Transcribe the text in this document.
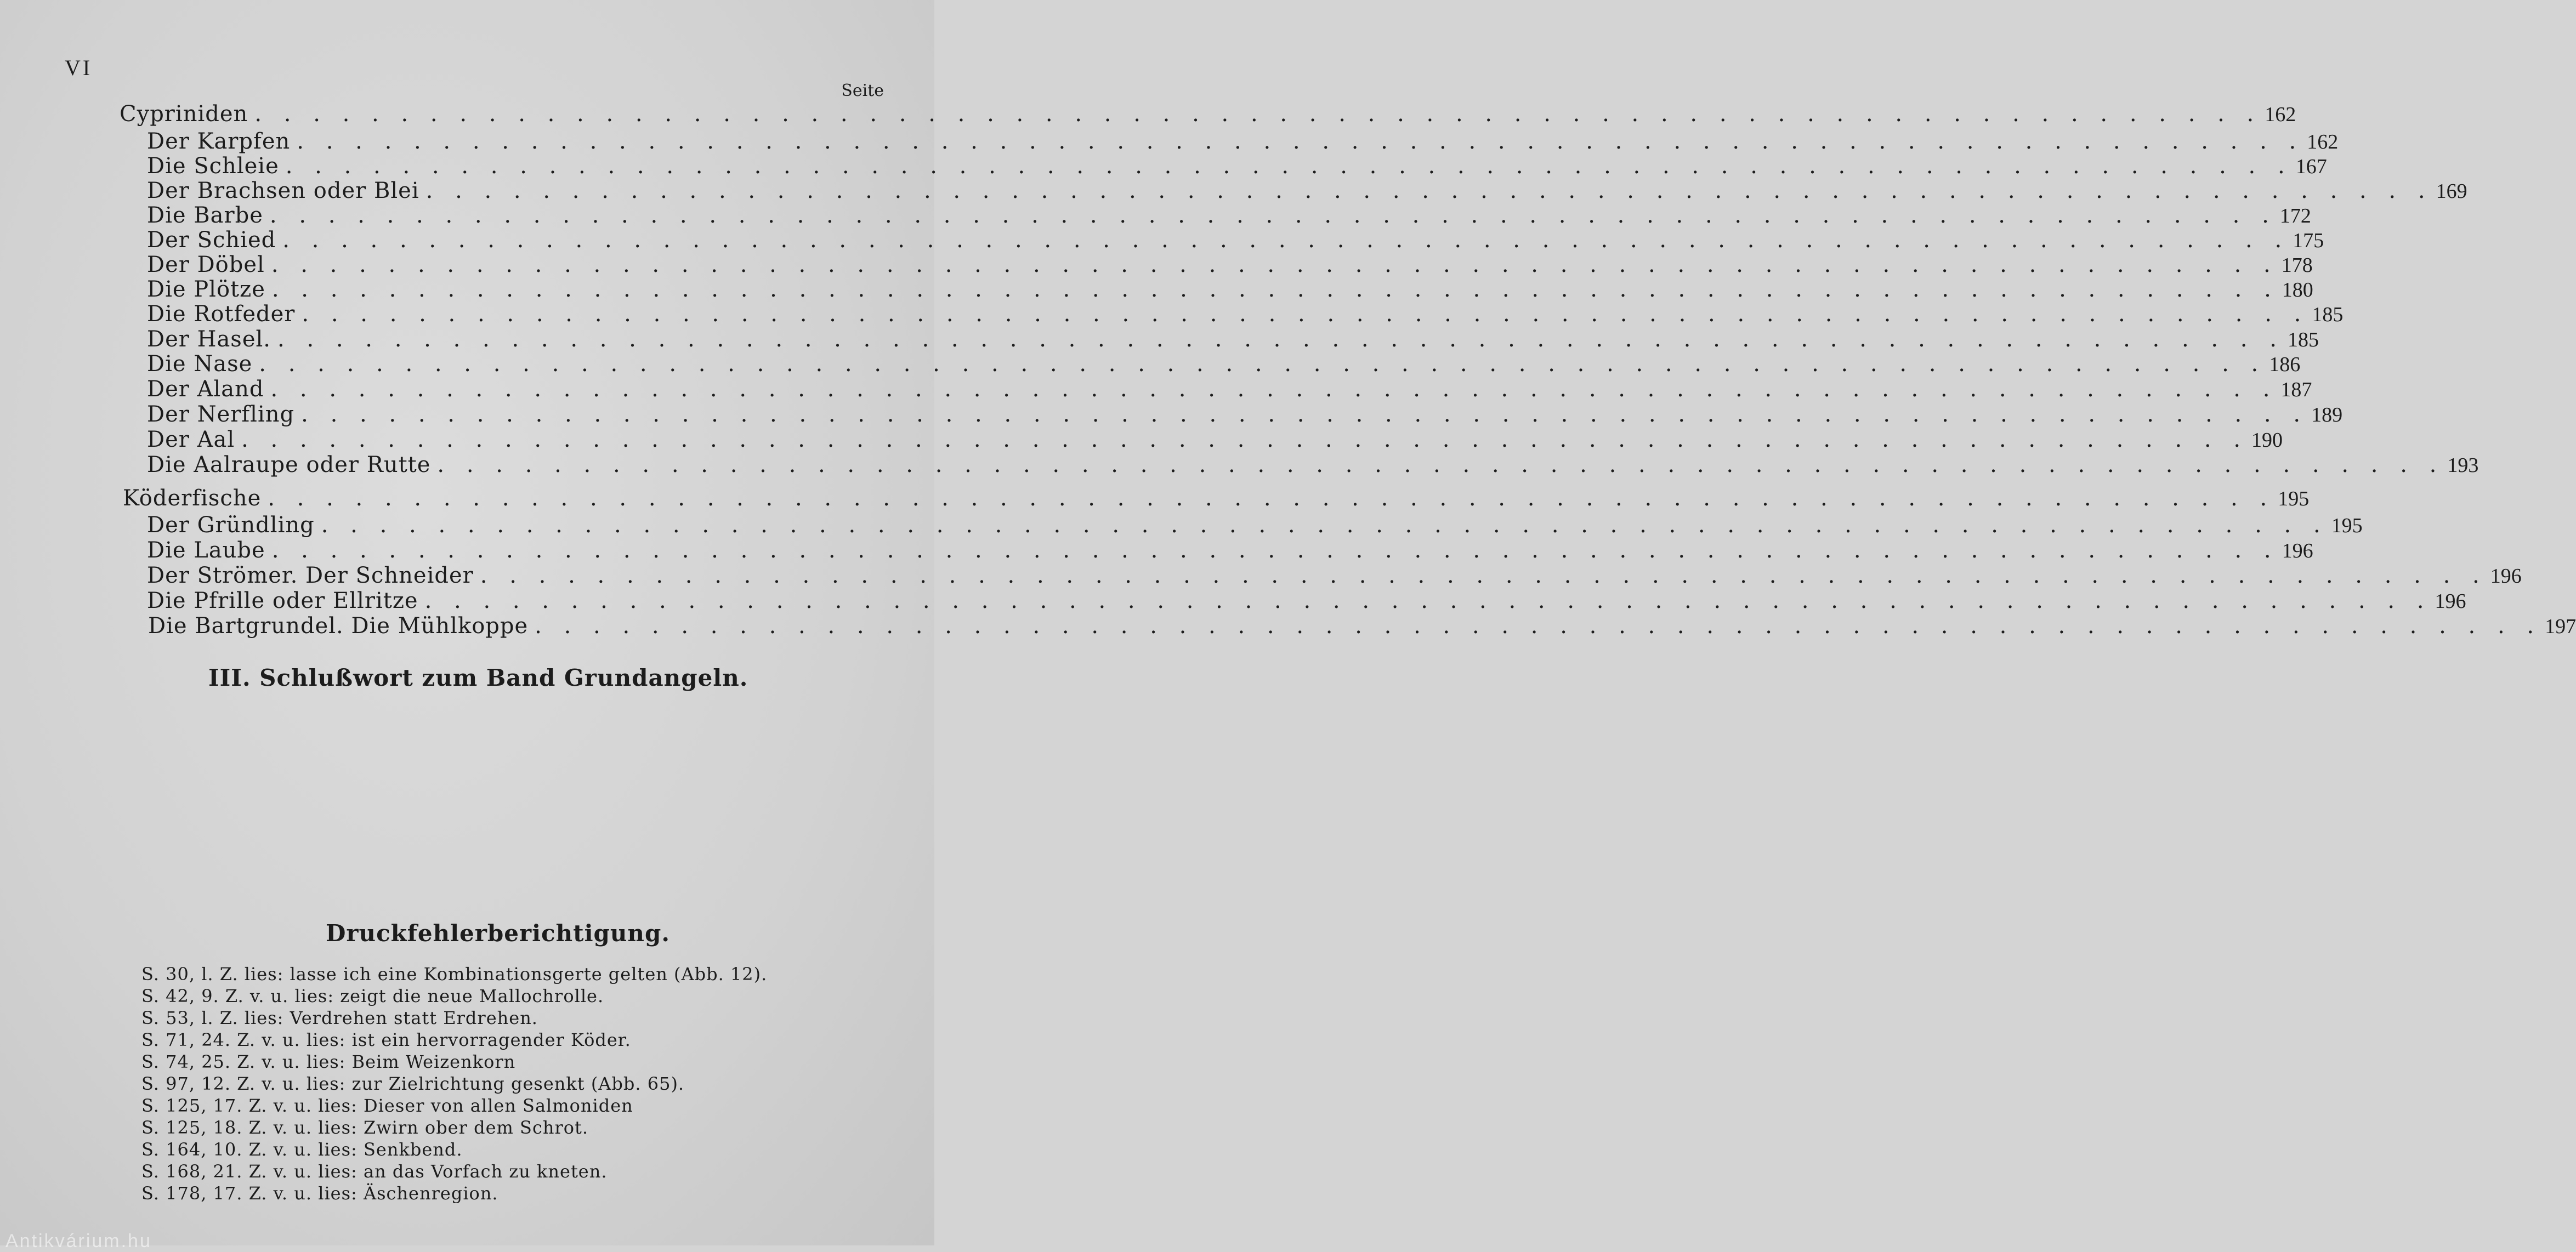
VI
Seite
Cypriniden . . . . . . . . . . . . . . . . . . . . . . . . . . . . . . . . . . . . . . . . . . . . . . . . . . . . . . . . . . . . . . . . . . . . . 162
Der Karpfen . . . . . . . . . . . . . . . . . . . . . . . . . . . . . . . . . . . . . . . . . . . . . . . . . . . . . . . . . . . . . . . . . . . . . 162
Die Schleie . . . . . . . . . . . . . . . . . . . . . . . . . . . . . . . . . . . . . . . . . . . . . . . . . . . . . . . . . . . . . . . . . . . . . 167
Der Brachsen oder Blei . . . . . . . . . . . . . . . . . . . . . . . . . . . . . . . . . . . . . . . . . . . . . . . . . . . . . . . . . . . . . . . . . . . . . 169
Die Barbe . . . . . . . . . . . . . . . . . . . . . . . . . . . . . . . . . . . . . . . . . . . . . . . . . . . . . . . . . . . . . . . . . . . . . 172
Der Schied . . . . . . . . . . . . . . . . . . . . . . . . . . . . . . . . . . . . . . . . . . . . . . . . . . . . . . . . . . . . . . . . . . . . . 175
Der Döbel . . . . . . . . . . . . . . . . . . . . . . . . . . . . . . . . . . . . . . . . . . . . . . . . . . . . . . . . . . . . . . . . . . . . . 178
Die Plötze . . . . . . . . . . . . . . . . . . . . . . . . . . . . . . . . . . . . . . . . . . . . . . . . . . . . . . . . . . . . . . . . . . . . . 180
Die Rotfeder . . . . . . . . . . . . . . . . . . . . . . . . . . . . . . . . . . . . . . . . . . . . . . . . . . . . . . . . . . . . . . . . . . . . . 185
Der Hasel. . . . . . . . . . . . . . . . . . . . . . . . . . . . . . . . . . . . . . . . . . . . . . . . . . . . . . . . . . . . . . . . . . . . . . 185
Die Nase . . . . . . . . . . . . . . . . . . . . . . . . . . . . . . . . . . . . . . . . . . . . . . . . . . . . . . . . . . . . . . . . . . . . . 186
Der Aland . . . . . . . . . . . . . . . . . . . . . . . . . . . . . . . . . . . . . . . . . . . . . . . . . . . . . . . . . . . . . . . . . . . . . 187
Der Nerfling . . . . . . . . . . . . . . . . . . . . . . . . . . . . . . . . . . . . . . . . . . . . . . . . . . . . . . . . . . . . . . . . . . . . . 189
Der Aal . . . . . . . . . . . . . . . . . . . . . . . . . . . . . . . . . . . . . . . . . . . . . . . . . . . . . . . . . . . . . . . . . . . . . 190
Die Aalraupe oder Rutte . . . . . . . . . . . . . . . . . . . . . . . . . . . . . . . . . . . . . . . . . . . . . . . . . . . . . . . . . . . . . . . . . . . . . 193
Köderfische . . . . . . . . . . . . . . . . . . . . . . . . . . . . . . . . . . . . . . . . . . . . . . . . . . . . . . . . . . . . . . . . . . . . . 195
Der Gründling . . . . . . . . . . . . . . . . . . . . . . . . . . . . . . . . . . . . . . . . . . . . . . . . . . . . . . . . . . . . . . . . . . . . . 195
Die Laube . . . . . . . . . . . . . . . . . . . . . . . . . . . . . . . . . . . . . . . . . . . . . . . . . . . . . . . . . . . . . . . . . . . . . 196
Der Strömer. Der Schneider . . . . . . . . . . . . . . . . . . . . . . . . . . . . . . . . . . . . . . . . . . . . . . . . . . . . . . . . . . . . . . . . . . . . . 196
Die Pfrille oder Ellritze . . . . . . . . . . . . . . . . . . . . . . . . . . . . . . . . . . . . . . . . . . . . . . . . . . . . . . . . . . . . . . . . . . . . . 196
Die Bartgrundel. Die Mühlkoppe . . . . . . . . . . . . . . . . . . . . . . . . . . . . . . . . . . . . . . . . . . . . . . . . . . . . . . . . . . . . . . . . . . . . . 197
III. Schlußwort zum Band Grundangeln.
Druckfehlerberichtigung.
S. 30, l. Z. lies: lasse ich eine Kombinationsgerte gelten (Abb. 12).
S. 42, 9. Z. v. u. lies: zeigt die neue Mallochrolle.
S. 53, l. Z. lies: Verdrehen statt Erdrehen.
S. 71, 24. Z. v. u. lies: ist ein hervorragender Köder.
S. 74, 25. Z. v. u. lies: Beim Weizenkorn
S. 97, 12. Z. v. u. lies: zur Zielrichtung gesenkt (Abb. 65).
S. 125, 17. Z. v. u. lies: Dieser von allen Salmoniden
S. 125, 18. Z. v. u. lies: Zwirn ober dem Schrot.
S. 164, 10. Z. v. u. lies: Senkbend.
S. 168, 21. Z. v. u. lies: an das Vorfach zu kneten.
S. 178, 17. Z. v. u. lies: Äschenregion.
Antikvárium.hu
